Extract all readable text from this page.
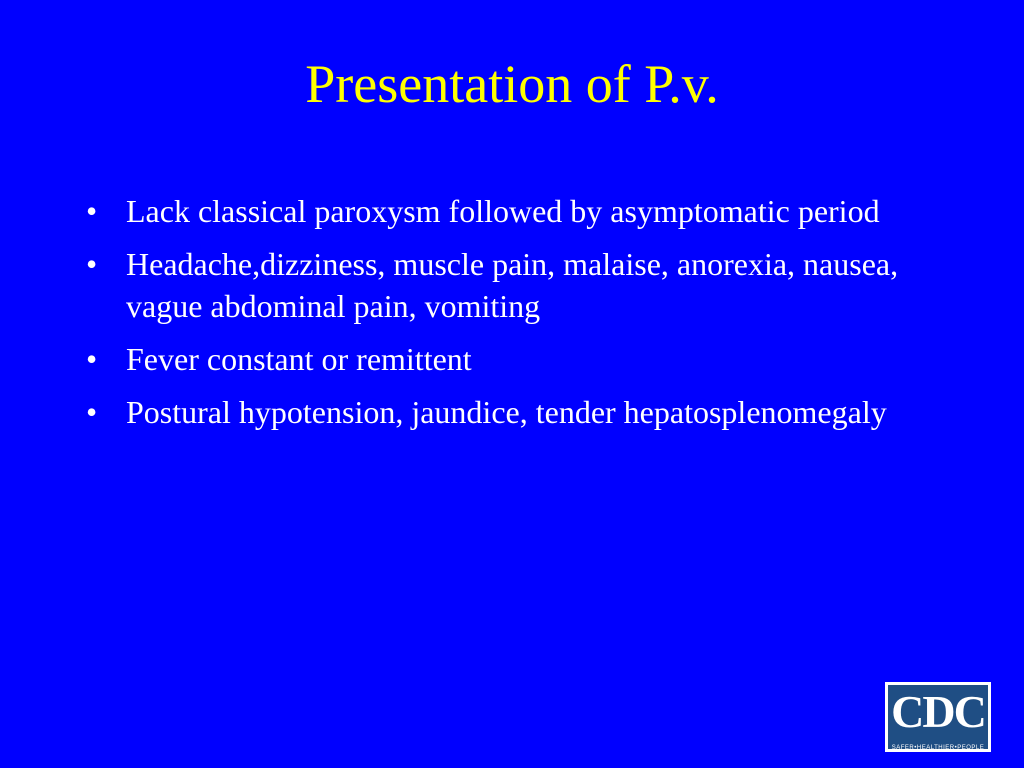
Presentation of P.v.
• Lack classical paroxysm followed by asymptomatic period
• Headache,dizziness, muscle pain, malaise, anorexia, nausea, vague abdominal pain, vomiting
• Fever constant or remittent
• Postural hypotension, jaundice, tender hepatosplenomegaly
CDC
SAFER•HEALTHIER•PEOPLE
